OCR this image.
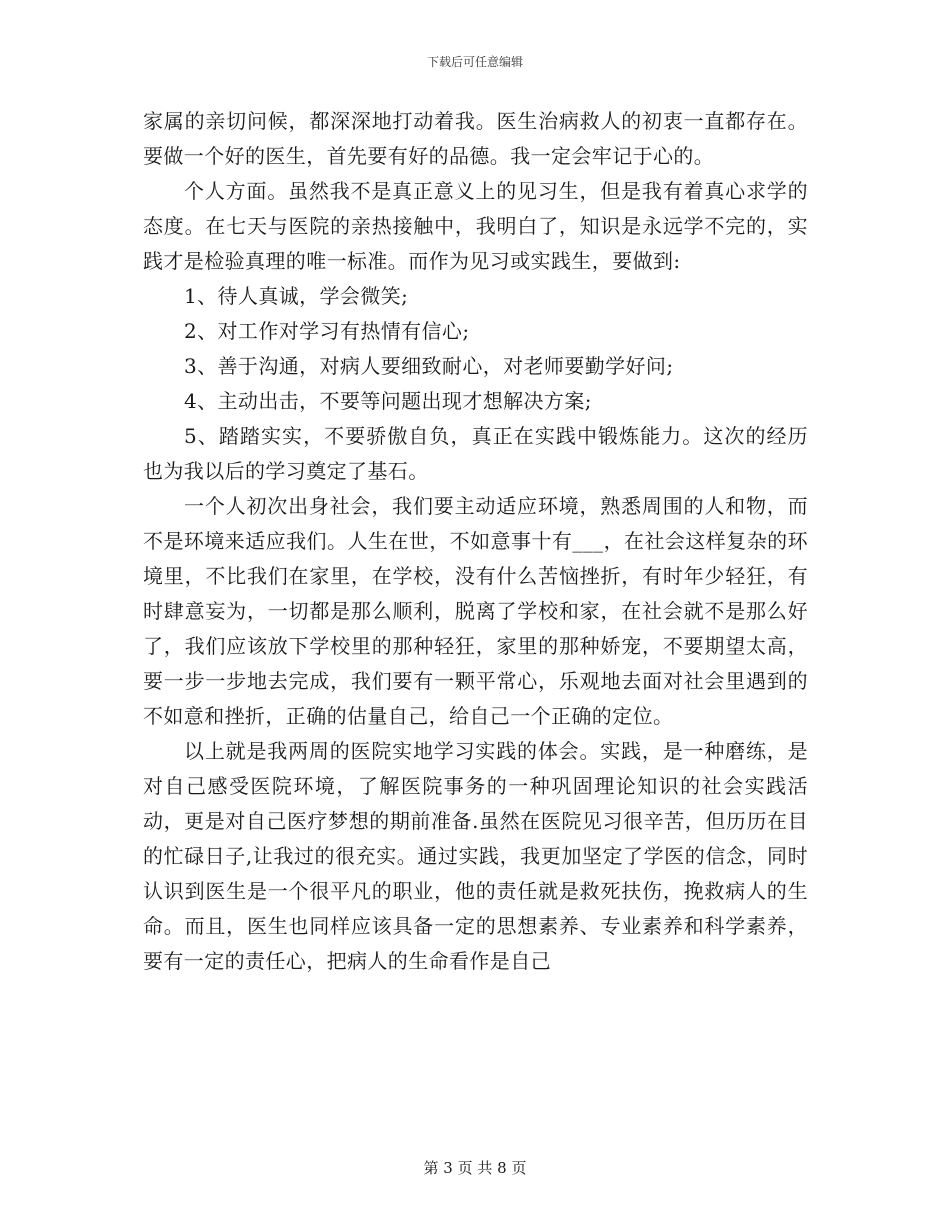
下载后可任意编辑

家属的亲切问候，都深深地打动着我。医生治病救人的初衷一直都存在。要做一个好的医生，首先要有好的品德。我一定会牢记于心的。

个人方面。虽然我不是真正意义上的见习生，但是我有着真心求学的态度。在七天与医院的亲热接触中，我明白了，知识是永远学不完的，实践才是检验真理的唯一标准。而作为见习或实践生，要做到:

1、待人真诚，学会微笑;

2、对工作对学习有热情有信心;

3、善于沟通，对病人要细致耐心，对老师要勤学好问;

4、主动出击，不要等问题出现才想解决方案;

5、踏踏实实，不要骄傲自负，真正在实践中锻炼能力。这次的经历也为我以后的学习奠定了基石。

一个人初次出身社会，我们要主动适应环境，熟悉周围的人和物，而不是环境来适应我们。人生在世，不如意事十有___，在社会这样复杂的环境里，不比我们在家里，在学校，没有什么苦恼挫折，有时年少轻狂，有时肆意妄为，一切都是那么顺利，脱离了学校和家，在社会就不是那么好了，我们应该放下学校里的那种轻狂，家里的那种娇宠，不要期望太高，要一步一步地去完成，我们要有一颗平常心，乐观地去面对社会里遇到的不如意和挫折，正确的估量自己，给自己一个正确的定位。

以上就是我两周的医院实地学习实践的体会。实践，是一种磨练，是对自己感受医院环境，了解医院事务的一种巩固理论知识的社会实践活动，更是对自己医疗梦想的期前准备.虽然在医院见习很辛苦，但历历在目的忙碌日子,让我过的很充实。通过实践，我更加坚定了学医的信念，同时认识到医生是一个很平凡的职业，他的责任就是救死扶伤，挽救病人的生命。而且，医生也同样应该具备一定的思想素养、专业素养和科学素养，要有一定的责任心，把病人的生命看作是自己

第 3 页 共 8 页
